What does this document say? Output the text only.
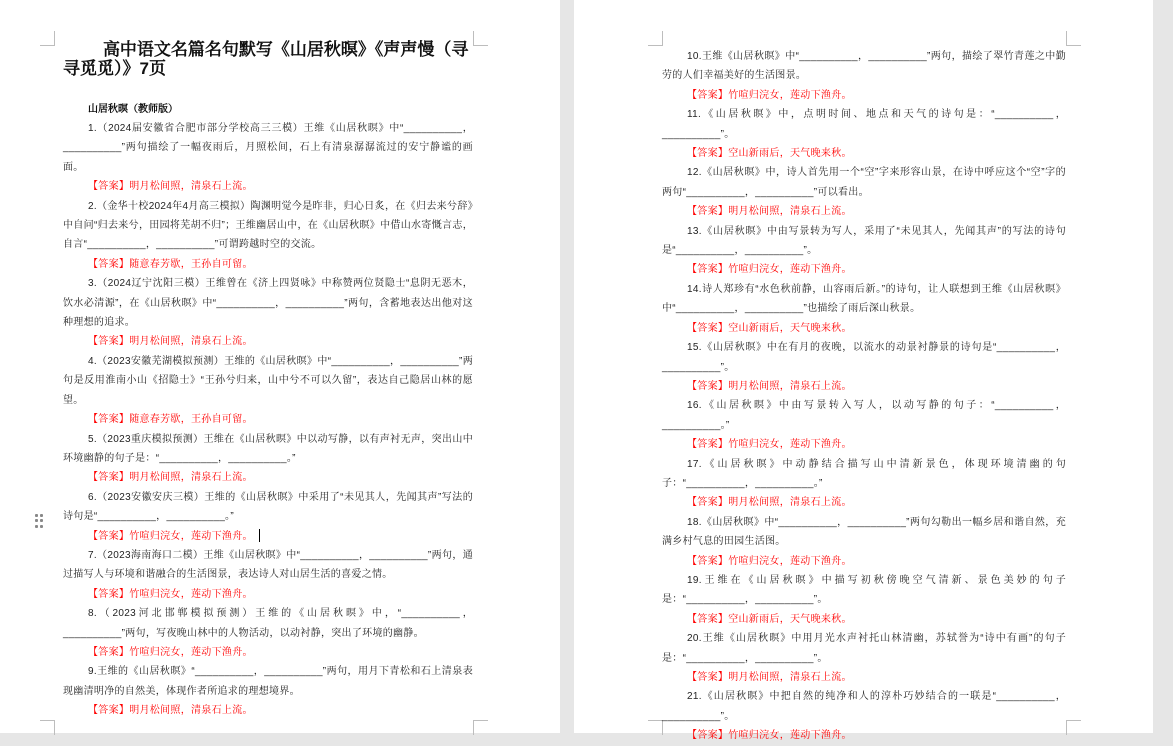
高中语文名篇名句默写《山居秋暝》《声声慢（寻寻觅觅）》7页
山居秋暝（教师版）

1.（2024届安徽省合肥市部分学校高三三模）王维《山居秋暝》中“__________，__________”两句描绘了一幅夜雨后，月照松间，石上有清泉潺潺流过的安宁静谧的画面。

【答案】明月松间照，清泉石上流。

2.（金华十校2024年4月高三模拟）陶渊明觉今是昨非，归心日炙，在《归去来兮辞》中自问“归去来兮，田园将芜胡不归”；王维幽居山中，在《山居秋暝》中借山水寄慨言志，自言“__________，__________”可谓跨越时空的交流。

【答案】随意春芳歇，王孙自可留。

3.（2024辽宁沈阳三模）王维曾在《济上四贤咏》中称赞两位贤隐士“息阴无恶木，饮水必清源”，在《山居秋暝》中“__________，__________”两句，含蓄地表达出他对这种理想的追求。

【答案】明月松间照，清泉石上流。

4.（2023安徽芜湖模拟预测）王维的《山居秋暝》中“__________，__________”两句是反用淮南小山《招隐士》“王孙兮归来，山中兮不可以久留”，表达自己隐居山林的愿望。

【答案】随意春芳歇，王孙自可留。

5.（2023重庆模拟预测）王维在《山居秋暝》中以动写静，以有声衬无声，突出山中环境幽静的句子是：“__________，__________。”

【答案】明月松间照，清泉石上流。

6.（2023安徽安庆三模）王维的《山居秋暝》中采用了“未见其人，先闻其声”写法的诗句是“__________，__________。”

【答案】竹喧归浣女，莲动下渔舟。

7.（2023海南海口二模）王维《山居秋暝》中“__________，__________”两句，通过描写人与环境和谐融合的生活图景，表达诗人对山居生活的喜爱之情。

【答案】竹喧归浣女，莲动下渔舟。

8.（2023河北邯郸模拟预测）王维的《山居秋暝》中，“__________，__________”两句，写夜晚山林中的人物活动，以动衬静，突出了环境的幽静。

【答案】竹喧归浣女，莲动下渔舟。

9.王维的《山居秋暝》“__________，__________”两句，用月下青松和石上清泉表现幽清明净的自然美，体现作者所追求的理想境界。

【答案】明月松间照，清泉石上流。

10.王维《山居秋暝》中“__________，__________”两句，描绘了翠竹青莲之中勤劳的人们幸福美好的生活图景。

【答案】竹喧归浣女，莲动下渔舟。

11.《山居秋暝》中，点明时间、地点和天气的诗句是：“__________，__________”。

【答案】空山新雨后，天气晚来秋。

12.《山居秋暝》中，诗人首先用一个“空”字来形容山景，在诗中呼应这个“空”字的两句“__________，__________”可以看出。

【答案】明月松间照，清泉石上流。

13.《山居秋暝》中由写景转为写人，采用了“未见其人，先闻其声”的写法的诗句是“__________，__________”。

【答案】竹喧归浣女，莲动下渔舟。

14.诗人郑珍有“水色秋前静，山容雨后新。”的诗句，让人联想到王维《山居秋暝》中“__________，__________”也描绘了雨后深山秋景。

【答案】空山新雨后，天气晚来秋。

15.《山居秋暝》中在有月的夜晚，以流水的动景衬静景的诗句是“__________，__________”。

【答案】明月松间照，清泉石上流。

16.《山居秋暝》中由写景转入写人，以动写静的句子：“__________，__________。”

【答案】竹喧归浣女，莲动下渔舟。

17.《山居秋暝》中动静结合描写山中清新景色，体现环境清幽的句子：“__________，__________。”

【答案】明月松间照，清泉石上流。

18.《山居秋暝》中“__________，__________”两句勾勒出一幅乡居和谐自然，充满乡村气息的田园生活图。

【答案】竹喧归浣女，莲动下渔舟。

19.王维在《山居秋暝》中描写初秋傍晚空气清新、景色美妙的句子是：“__________，__________”。

【答案】空山新雨后，天气晚来秋。

20.王维《山居秋暝》中用月光水声衬托山林清幽，苏轼誉为“诗中有画”的句子是：“__________，__________”。

【答案】明月松间照，清泉石上流。

21.《山居秋暝》中把自然的纯净和人的淳朴巧妙结合的一联是“__________，__________”。

【答案】竹喧归浣女，莲动下渔舟。
